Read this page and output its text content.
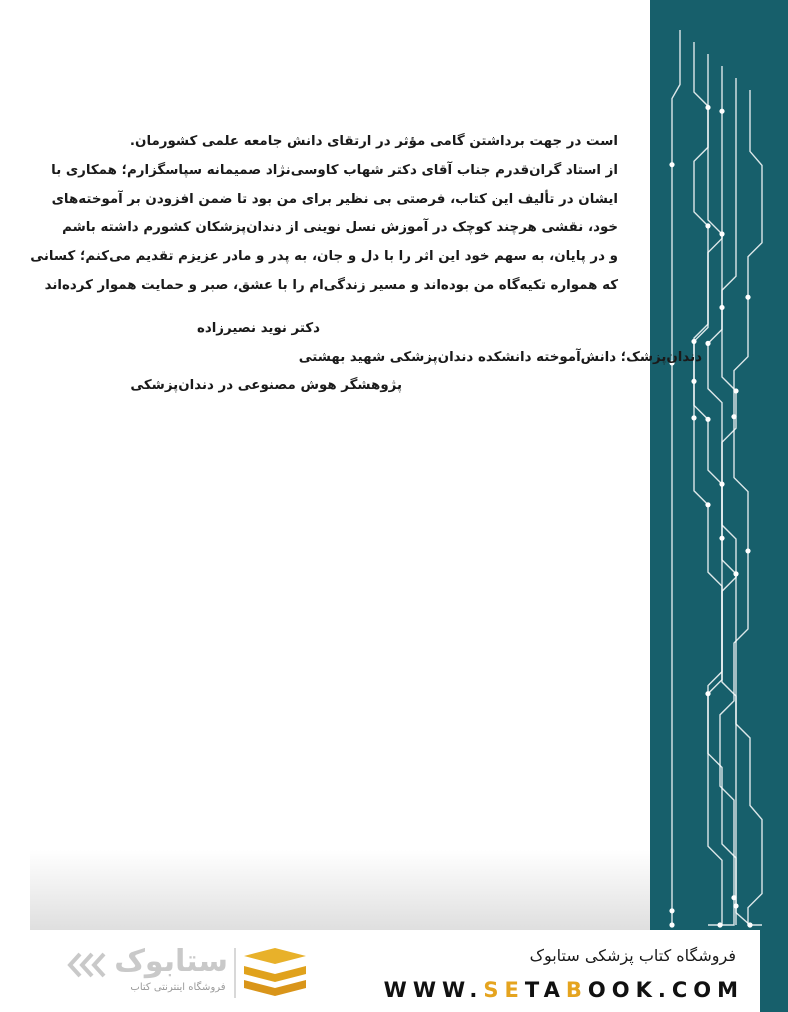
است در جهت برداشتن گامی مؤثر در ارتقای دانش جامعه علمی کشورمان.
از استاد گران‌قدرم جناب آقای دکتر شهاب کاوسی‌نژاد صمیمانه سپاسگزارم؛ همکاری با
ایشان در تألیف این کتاب، فرصتی بی نظیر برای من بود تا ضمن افزودن بر آموخته‌های
خود، نقشی هرچند کوچک در آموزش نسل نوینی از دندان‌پزشکان کشورم داشته باشم
و در پایان، به سهم خود این اثر را با دل و جان، به پدر و مادر عزیزم تقدیم می‌کنم؛ کسانی
که همواره تکیه‌گاه من بوده‌اند و مسیر زندگی‌ام را با عشق، صبر و حمایت هموار کرده‌اند
دکتر نوید نصیرزاده
دندان‌پزشک؛ دانش‌آموخته دانشکده دندان‌پزشکی شهید بهشتی
پژوهشگر هوش مصنوعی در دندان‌پزشکی
فروشگاه کتاب پزشکی ستابوک
WWW.SETABOOK.COM
ستابوک
فروشگاه اینترنتی کتاب
